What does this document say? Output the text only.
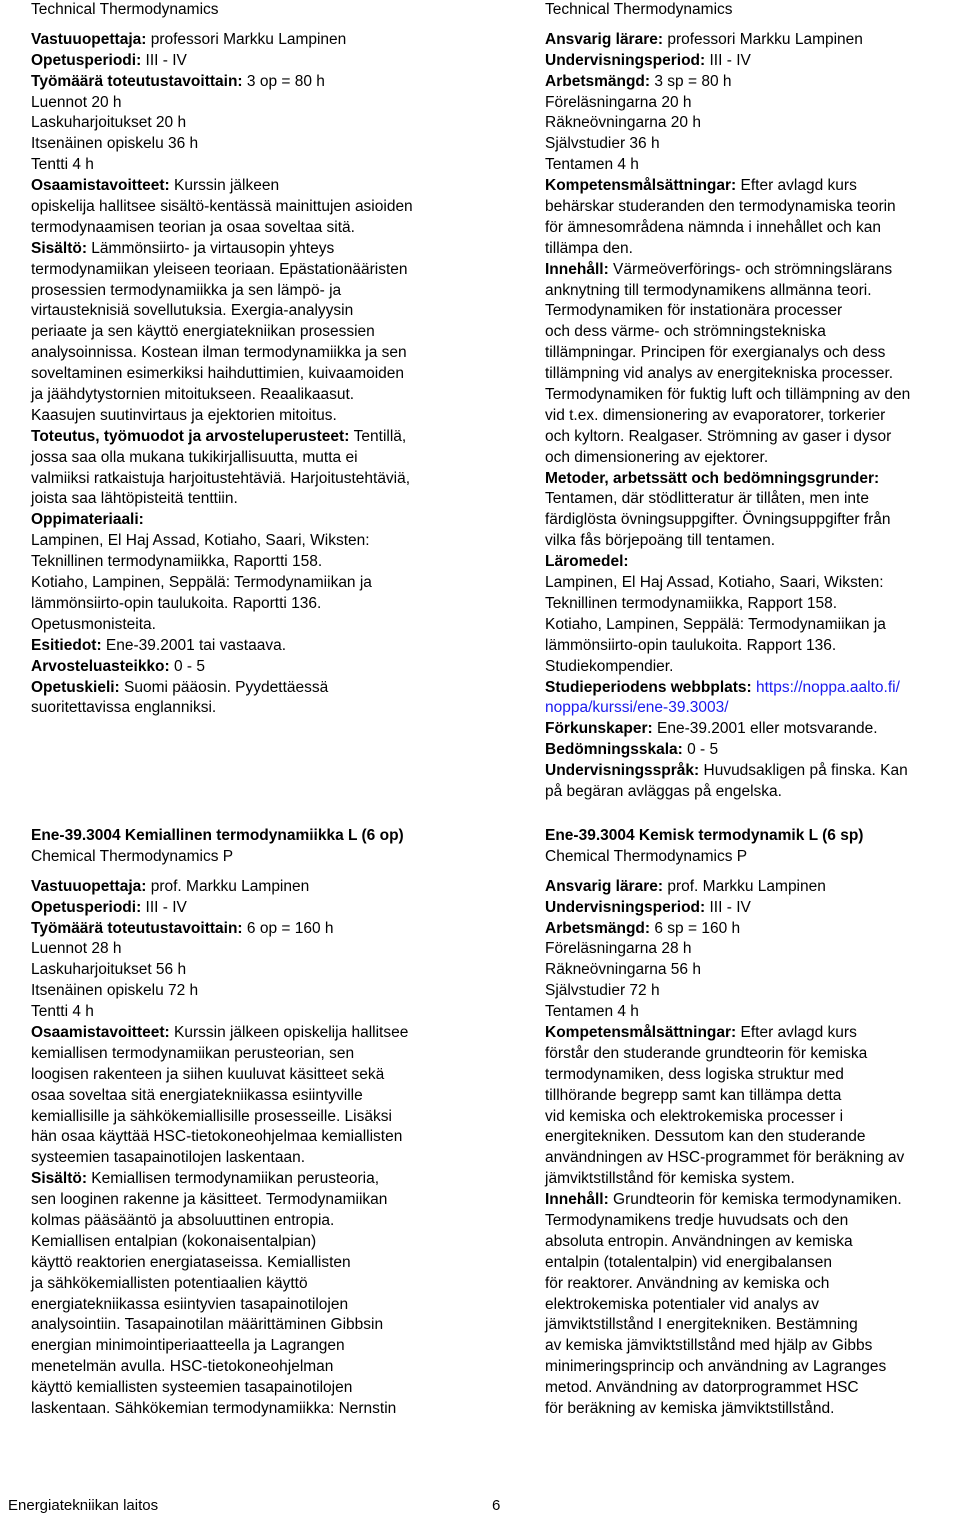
Technical Thermodynamics
Vastuuopettaja: professori Markku Lampinen
Opetusperiodi: III - IV
Työmäärä toteutustavoittain: 3 op = 80 h
Luennot 20 h
Laskuharjoitukset 20 h
Itsenäinen opiskelu 36 h
Tentti 4 h
Osaamistavoitteet: Kurssin jälkeen
opiskelija hallitsee sisältö-kentässä mainittujen asioiden
termodynaamisen teorian ja osaa soveltaa sitä.
Sisältö: Lämmönsiirto- ja virtausopin yhteys
termodynamiikan yleiseen teoriaan. Epästationääristen
prosessien termodynamiikka ja sen lämpö- ja
virtausteknisiä sovellutuksia. Exergia-analyysin
periaate ja sen käyttö energiatekniikan prosessien
analysoinnissa. Kostean ilman termodynamiikka ja sen
soveltaminen esimerkiksi haihduttimien, kuivaamoiden
ja jäähdytystornien mitoitukseen. Reaalikaasut.
Kaasujen suutinvirtaus ja ejektorien mitoitus.
Toteutus, työmuodot ja arvosteluperusteet: Tentillä,
jossa saa olla mukana tukikirjallisuutta, mutta ei
valmiiksi ratkaistuja harjoitustehtäviä. Harjoitustehtäviä,
joista saa lähtöpisteitä tenttiin.
Oppimateriaali:
Lampinen, El Haj Assad, Kotiaho, Saari, Wiksten:
Teknillinen termodynamiikka, Raportti 158.
Kotiaho, Lampinen, Seppälä: Termodynamiikan ja
lämmönsiirto-opin taulukoita. Raportti 136.
Opetusmonisteita.
Esitiedot: Ene-39.2001 tai vastaava.
Arvosteluasteikko: 0 - 5
Opetuskieli: Suomi pääosin. Pyydettäessä
suoritettavissa englanniksi.
Ene-39.3004 Kemiallinen termodynamiikka L (6 op)
Chemical Thermodynamics P
Vastuuopettaja: prof. Markku Lampinen
Opetusperiodi: III - IV
Työmäärä toteutustavoittain: 6 op = 160 h
Luennot 28 h
Laskuharjoitukset 56 h
Itsenäinen opiskelu 72 h
Tentti 4 h
Osaamistavoitteet: Kurssin jälkeen opiskelija hallitsee
kemiallisen termodynamiikan perusteorian, sen
loogisen rakenteen ja siihen kuuluvat käsitteet sekä
osaa soveltaa sitä energiatekniikassa esiintyville
kemiallisille ja sähkökemiallisille prosesseille. Lisäksi
hän osaa käyttää HSC-tietokoneohjelmaa kemiallisten
systeemien tasapainotilojen laskentaan.
Sisältö: Kemiallisen termodynamiikan perusteoria,
sen looginen rakenne ja käsitteet. Termodynamiikan
kolmas pääsääntö ja absoluuttinen entropia.
Kemiallisen entalpian (kokonaisentalpian)
käyttö reaktorien energiataseissa. Kemiallisten
ja sähkökemiallisten potentiaalien käyttö
energiatekniikassa esiintyvien tasapainotilojen
analysointiin. Tasapainotilan määrittäminen Gibbsin
energian minimointiperiaatteella ja Lagrangen
menetelmän avulla. HSC-tietokoneohjelman
käyttö kemiallisten systeemien tasapainotilojen
laskentaan. Sähkökemian termodynamiikka: Nernstin
Technical Thermodynamics
Ansvarig lärare: professori Markku Lampinen
Undervisningsperiod: III - IV
Arbetsmängd: 3 sp = 80 h
Föreläsningarna 20 h
Räkneövningarna 20 h
Självstudier 36 h
Tentamen 4 h
Kompetensmålsättningar: Efter avlagd kurs
behärskar studeranden den termodynamiska teorin
för ämnesområdena nämnda i innehållet och kan
tillämpa den.
Innehåll: Värmeöverförings- och strömningslärans
anknytning till termodynamikens allmänna teori.
Termodynamiken för instationära processer
och dess värme- och strömningstekniska
tillämpningar. Principen för exergianalys och dess
tillämpning vid analys av energitekniska processer.
Termodynamiken för fuktig luft och tillämpning av den
vid t.ex. dimensionering av evaporatorer, torkerier
och kyltorn. Realgaser. Strömning av gaser i dysor
och dimensionering av ejektorer.
Metoder, arbetssätt och bedömningsgrunder:
Tentamen, där stödlitteratur är tillåten, men inte
färdiglösta övningsuppgifter. Övningsuppgifter från
vilka fås börjepoäng till tentamen.
Läromedel:
Lampinen, El Haj Assad, Kotiaho, Saari, Wiksten:
Teknillinen termodynamiikka, Rapport 158.
Kotiaho, Lampinen, Seppälä: Termodynamiikan ja
lämmönsiirto-opin taulukoita. Rapport 136.
Studiekompendier.
Studieperiodens webbplats: https://noppa.aalto.fi/
noppa/kurssi/ene-39.3003/
Förkunskaper: Ene-39.2001 eller motsvarande.
Bedömningsskala: 0 - 5
Undervisningsspråk: Huvudsakligen på finska. Kan
på begäran avläggas på engelska.
Ene-39.3004 Kemisk termodynamik L (6 sp)
Chemical Thermodynamics P
Ansvarig lärare: prof. Markku Lampinen
Undervisningsperiod: III - IV
Arbetsmängd: 6 sp = 160 h
Föreläsningarna 28 h
Räkneövningarna 56 h
Självstudier 72 h
Tentamen 4 h
Kompetensmålsättningar: Efter avlagd kurs
förstår den studerande grundteorin för kemiska
termodynamiken, dess logiska struktur med
tillhörande begrepp samt kan tillämpa detta
vid kemiska och elektrokemiska processer i
energitekniken. Dessutom kan den studerande
användningen av HSC-programmet för beräkning av
jämviktstillstånd för kemiska system.
Innehåll: Grundteorin för kemiska termodynamiken.
Termodynamikens tredje huvudsats och den
absoluta entropin. Användningen av kemiska
entalpin (totalentalpin) vid energibalansen
för reaktorer. Användning av kemiska och
elektrokemiska potentialer vid analys av
jämviktstillstånd I energitekniken. Bestämning
av kemiska jämviktstillstånd med hjälp av Gibbs
minimeringsprincip och användning av Lagranges
metod. Användning av datorprogrammet HSC
för beräkning av kemiska jämviktstillstånd.
Energiatekniikan laitos	6
